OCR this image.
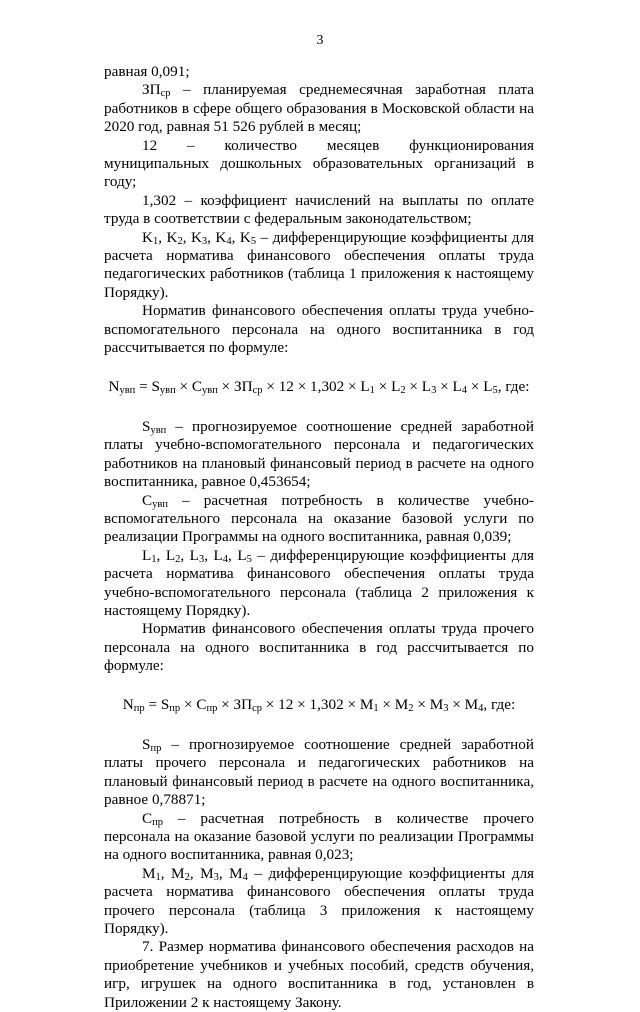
3

равная 0,091;

$ЗП_{ср}$ – планируемая среднемесячная заработная плата работников в сфере общего образования в Московской области на 2020 год, равная 51 526 рублей в месяц;

12 – количество месяцев функционирования муниципальных дошкольных образовательных организаций в году;

1,302 – коэффициент начислений на выплаты по оплате труда в соответствии с федеральным законодательством;

$K_1$, $K_2$, $K_3$, $K_4$, $K_5$ – дифференцирующие коэффициенты для расчета норматива финансового обеспечения оплаты труда педагогических работников (таблица 1 приложения к настоящему Порядку).

Норматив финансового обеспечения оплаты труда учебно-вспомогательного персонала на одного воспитанника в год рассчитывается по формуле:

$N_{увп} = S_{увп} \times C_{увп} \times ЗП_{ср} \times 12 \times 1,302 \times L_1 \times L_2 \times L_3 \times L_4 \times L_5$, где:

$S_{увп}$ – прогнозируемое соотношение средней заработной платы учебно-вспомогательного персонала и педагогических работников на плановый финансовый период в расчете на одного воспитанника, равное 0,453654;

$C_{увп}$ – расчетная потребность в количестве учебно-вспомогательного персонала на оказание базовой услуги по реализации Программы на одного воспитанника, равная 0,039;

$L_1$, $L_2$, $L_3$, $L_4$, $L_5$ – дифференцирующие коэффициенты для расчета норматива финансового обеспечения оплаты труда учебно-вспомогательного персонала (таблица 2 приложения к настоящему Порядку).

Норматив финансового обеспечения оплаты труда прочего персонала на одного воспитанника в год рассчитывается по формуле:

$N_{пр} = S_{пр} \times C_{пр} \times ЗП_{ср} \times 12 \times 1,302 \times M_1 \times M_2 \times M_3 \times M_4$, где:

$S_{пр}$ – прогнозируемое соотношение средней заработной платы прочего персонала и педагогических работников на плановый финансовый период в расчете на одного воспитанника, равное 0,78871;

$C_{пр}$ – расчетная потребность в количестве прочего персонала на оказание базовой услуги по реализации Программы на одного воспитанника, равная 0,023;

$M_1$, $M_2$, $M_3$, $M_4$ – дифференцирующие коэффициенты для расчета норматива финансового обеспечения оплаты труда прочего персонала (таблица 3 приложения к настоящему Порядку).

7. Размер норматива финансового обеспечения расходов на приобретение учебников и учебных пособий, средств обучения, игр, игрушек на одного воспитанника в год, установлен в Приложении 2 к настоящему Закону.
